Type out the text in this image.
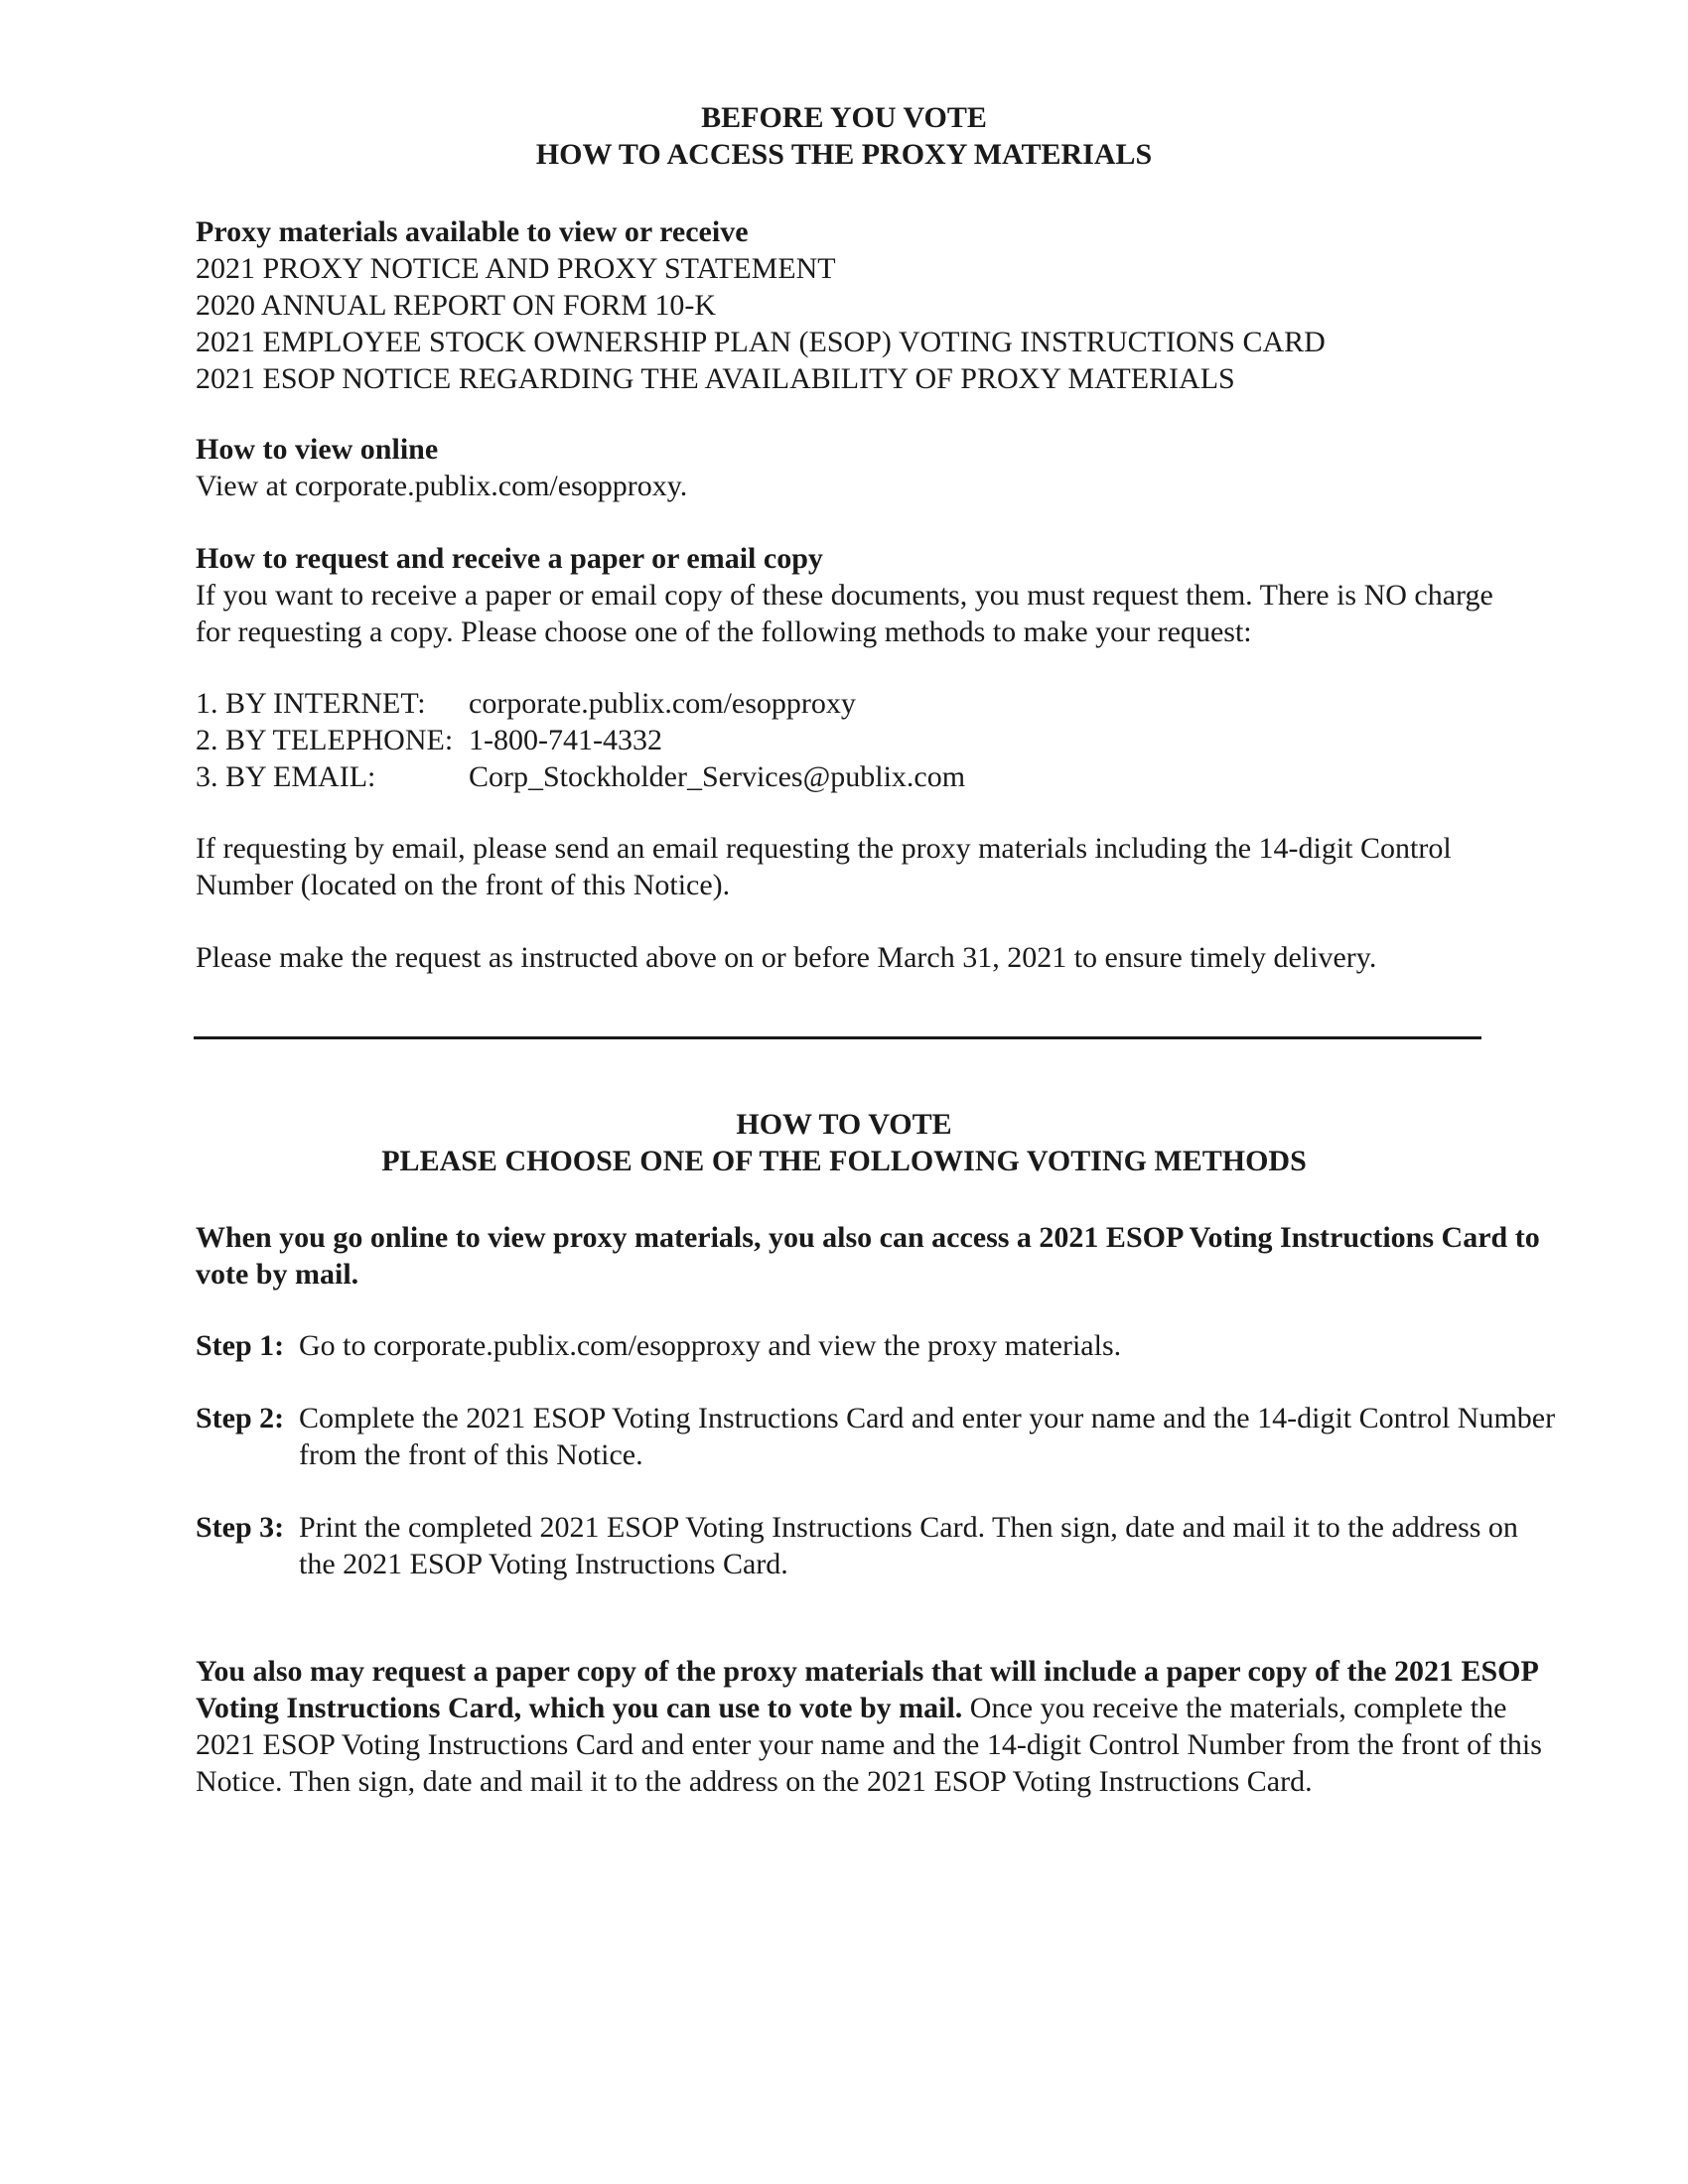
BEFORE YOU VOTE
HOW TO ACCESS THE PROXY MATERIALS
Proxy materials available to view or receive
2021 PROXY NOTICE AND PROXY STATEMENT
2020 ANNUAL REPORT ON FORM 10-K
2021 EMPLOYEE STOCK OWNERSHIP PLAN (ESOP) VOTING INSTRUCTIONS CARD
2021 ESOP NOTICE REGARDING THE AVAILABILITY OF PROXY MATERIALS
How to view online
View at corporate.publix.com/esopproxy.
How to request and receive a paper or email copy
If you want to receive a paper or email copy of these documents, you must request them. There is NO charge
for requesting a copy. Please choose one of the following methods to make your request:
1. BY INTERNET:	corporate.publix.com/esopproxy
2. BY TELEPHONE: 1-800-741-4332
3. BY EMAIL:	Corp_Stockholder_Services@publix.com
If requesting by email, please send an email requesting the proxy materials including the 14-digit Control
Number (located on the front of this Notice).
Please make the request as instructed above on or before March 31, 2021 to ensure timely delivery.
HOW TO VOTE
PLEASE CHOOSE ONE OF THE FOLLOWING VOTING METHODS
When you go online to view proxy materials, you also can access a 2021 ESOP Voting Instructions Card to
vote by mail.
Step 1: Go to corporate.publix.com/esopproxy and view the proxy materials.
Step 2: Complete the 2021 ESOP Voting Instructions Card and enter your name and the 14-digit Control Number
from the front of this Notice.
Step 3: Print the completed 2021 ESOP Voting Instructions Card. Then sign, date and mail it to the address on
the 2021 ESOP Voting Instructions Card.
You also may request a paper copy of the proxy materials that will include a paper copy of the 2021 ESOP
Voting Instructions Card, which you can use to vote by mail. Once you receive the materials, complete the
2021 ESOP Voting Instructions Card and enter your name and the 14-digit Control Number from the front of this
Notice. Then sign, date and mail it to the address on the 2021 ESOP Voting Instructions Card.
